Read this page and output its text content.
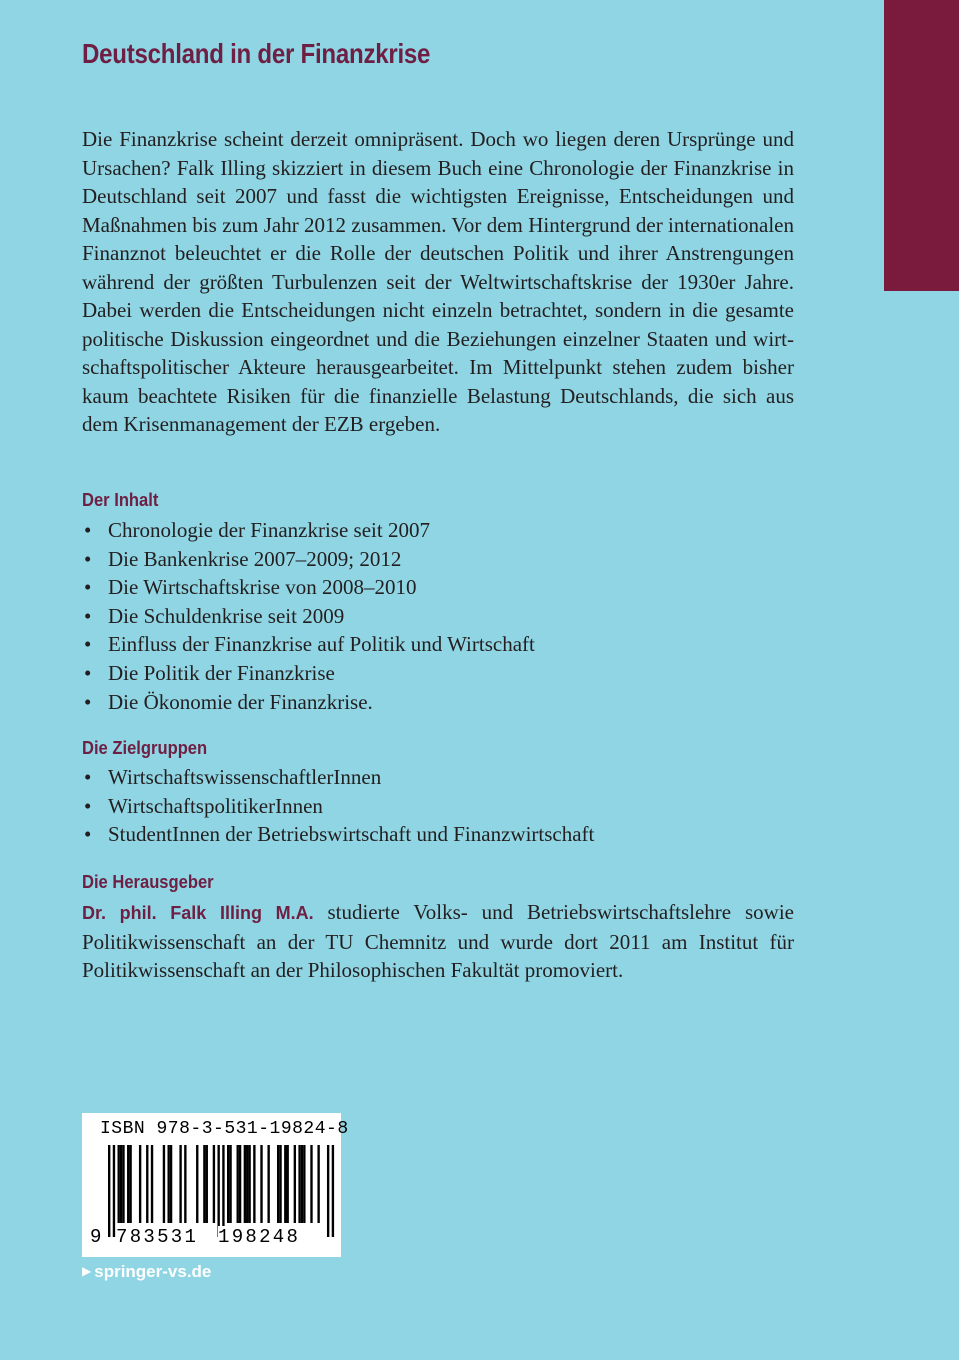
Deutschland in der Finanzkrise

Die Finanzkrise scheint derzeit omnipräsent. Doch wo liegen deren Ursprünge und Ursachen? Falk Illing skizziert in diesem Buch eine Chronologie der Finanzkrise in Deutschland seit 2007 und fasst die wichtigsten Ereignisse, Entscheidungen und Maßnahmen bis zum Jahr 2012 zusammen. Vor dem Hintergrund der internationalen Finanznot beleuchtet er die Rolle der deutschen Politik und ihrer Anstrengungen während der größten Turbulenzen seit der Weltwirtschaftskrise der 1930er Jahre. Dabei werden die Entscheidungen nicht einzeln betrachtet, sondern in die gesamte politische Diskussion eingeordnet und die Beziehungen einzelner Staaten und wirtschaftspolitischer Akteure herausgearbeitet. Im Mittelpunkt stehen zudem bisher kaum beachtete Risiken für die finanzielle Belastung Deutschlands, die sich aus dem Krisenmanagement der EZB ergeben.

Der Inhalt
• Chronologie der Finanzkrise seit 2007
• Die Bankenkrise 2007–2009; 2012
• Die Wirtschaftskrise von 2008–2010
• Die Schuldenkrise seit 2009
• Einfluss der Finanzkrise auf Politik und Wirtschaft
• Die Politik der Finanzkrise
• Die Ökonomie der Finanzkrise.
Die Zielgruppen
• WirtschaftswissenschaftlerInnen
• WirtschaftspolitikerInnen
• StudentInnen der Betriebswirtschaft und Finanzwirtschaft
Die Herausgeber

Dr. phil. Falk Illing M.A. studierte Volks- und Betriebswirtschaftslehre sowie Politikwissenschaft an der TU Chemnitz und wurde dort 2011 am Institut für Politikwissenschaft an der Philosophischen Fakultät promoviert.

ISBN 978-3-531-19824-8
9 783531 198248
▶ springer-vs.de
